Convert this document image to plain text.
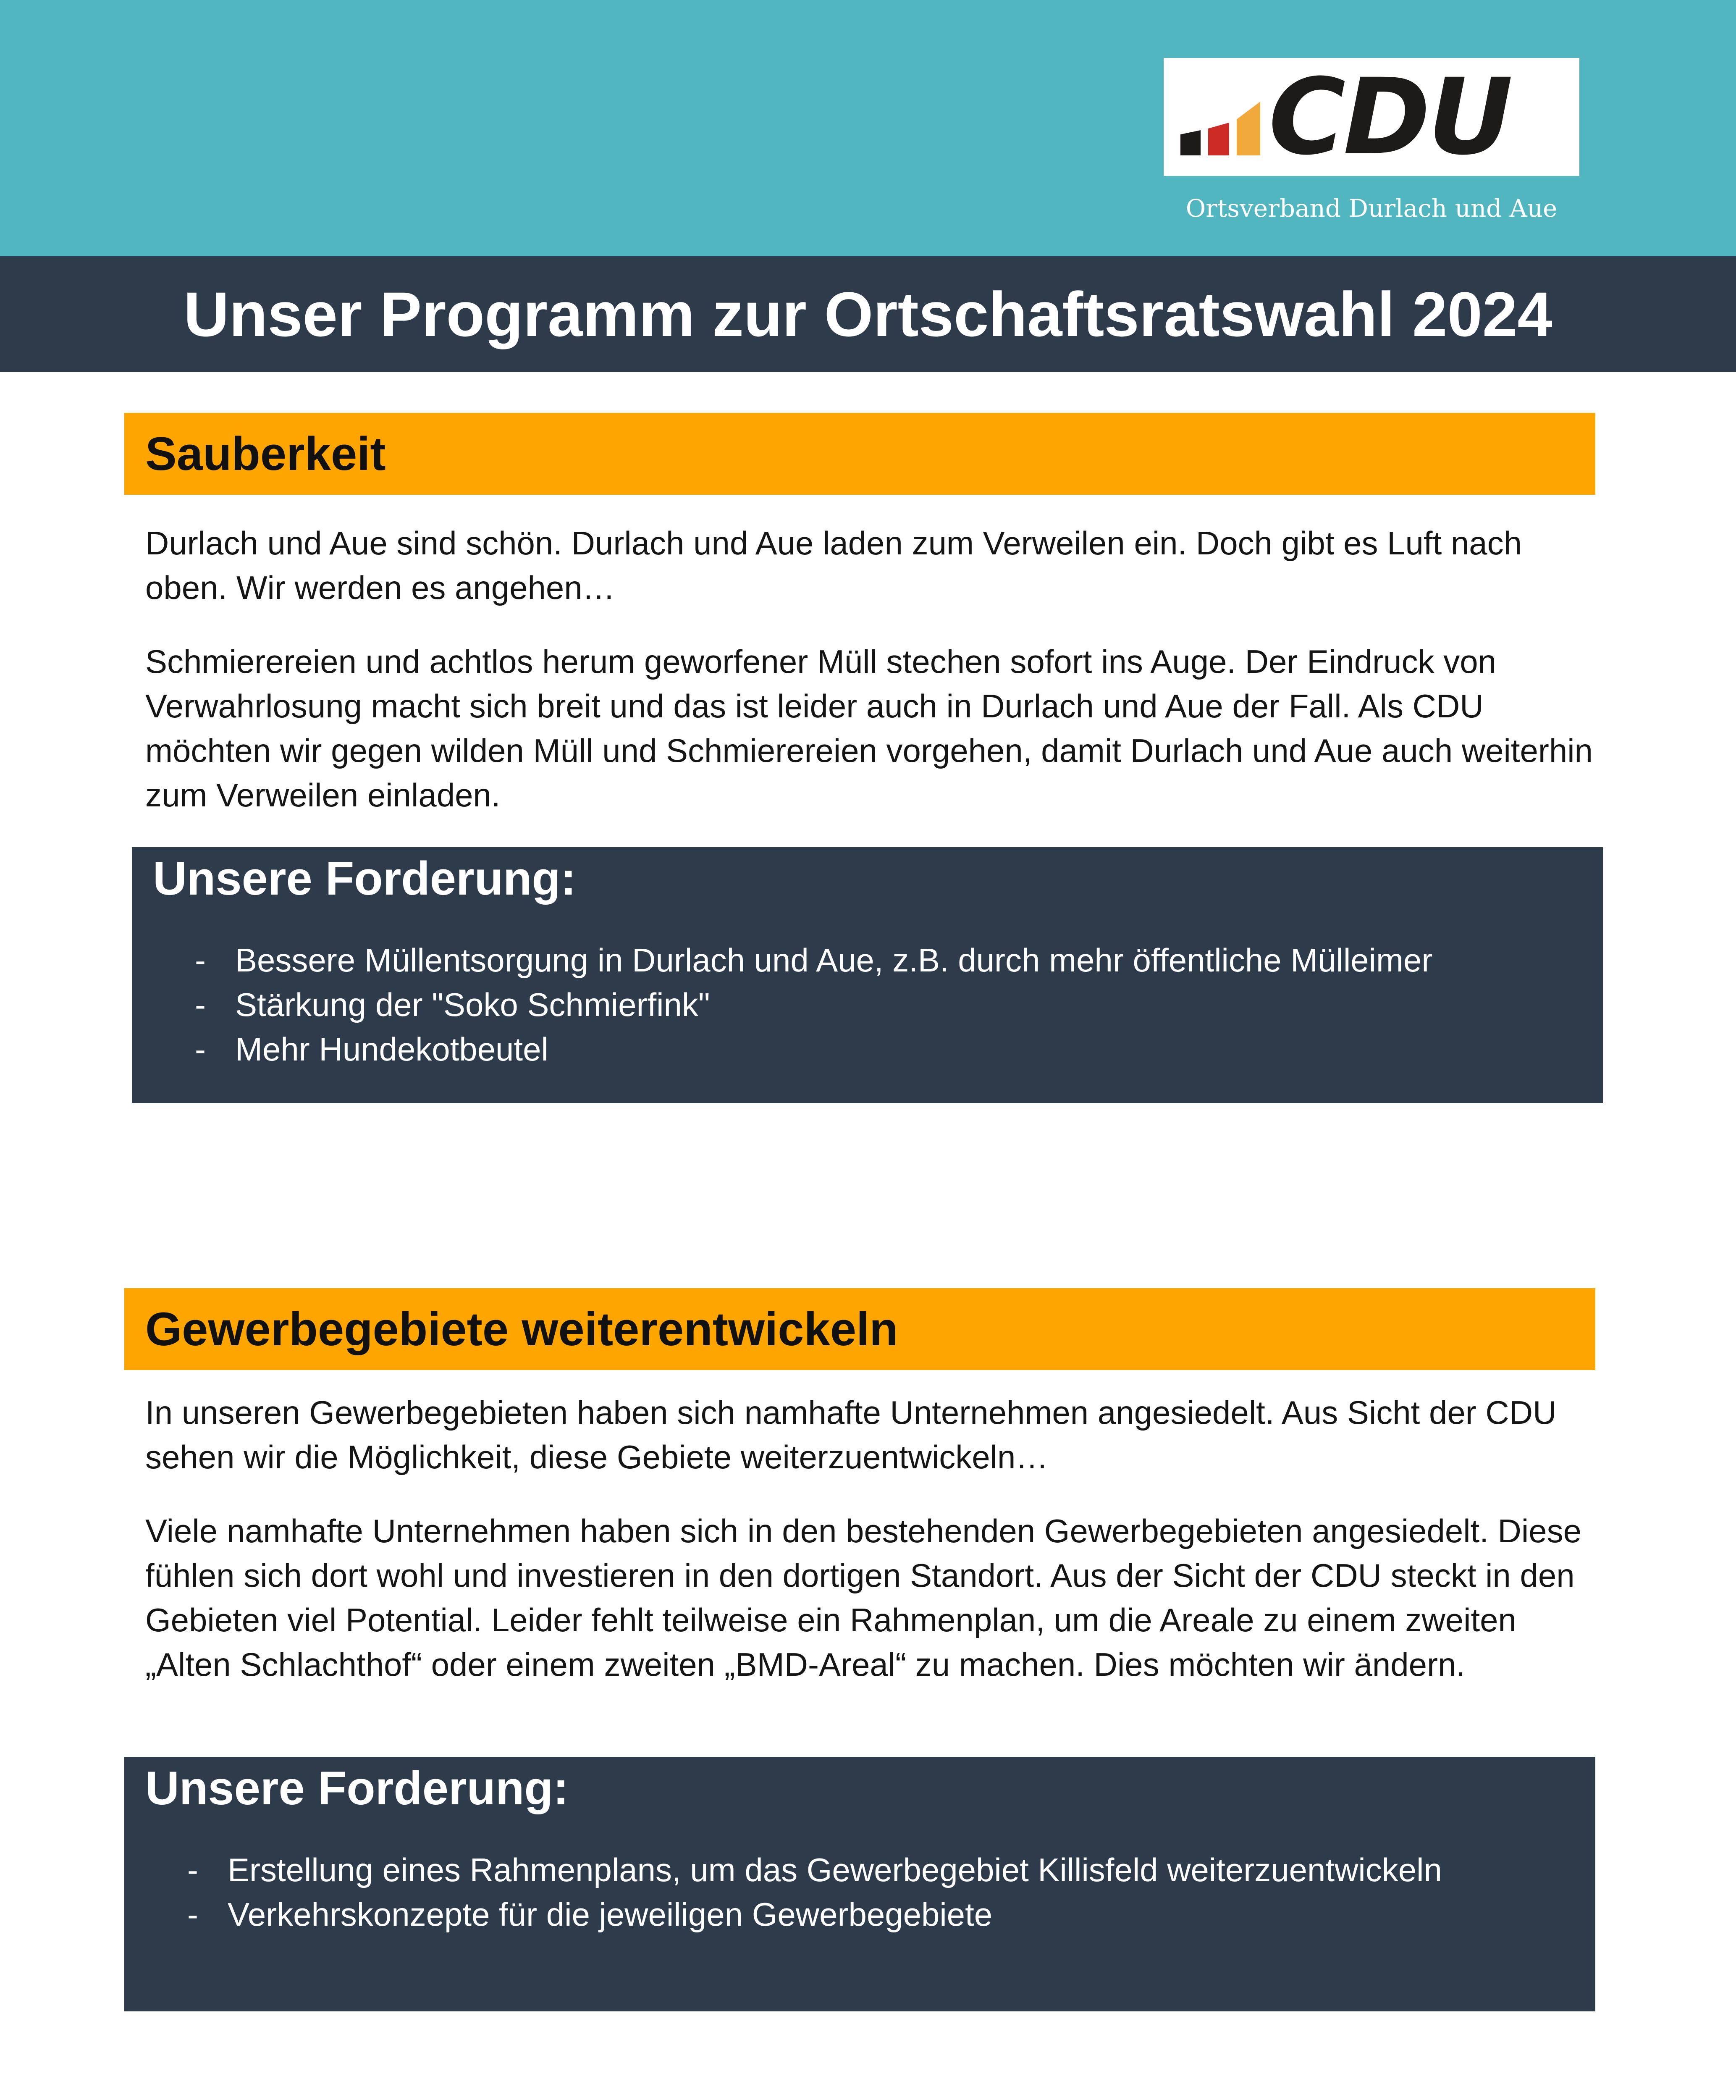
CDU
Ortsverband Durlach und Aue
Unser Programm zur Ortschaftsratswahl 2024
Sauberkeit

Durlach und Aue sind schön. Durlach und Aue laden zum Verweilen ein. Doch gibt es Luft nach oben. Wir werden es angehen…

Schmierereien und achtlos herum geworfener Müll stechen sofort ins Auge. Der Eindruck von Verwahrlosung macht sich breit und das ist leider auch in Durlach und Aue der Fall. Als CDU möchten wir gegen wilden Müll und Schmierereien vorgehen, damit Durlach und Aue auch weiterhin zum Verweilen einladen.

Unsere Forderung:
- Bessere Müllentsorgung in Durlach und Aue, z.B. durch mehr öffentliche Mülleimer
- Stärkung der "Soko Schmierfink"
- Mehr Hundekotbeutel
Gewerbegebiete weiterentwickeln

In unseren Gewerbegebieten haben sich namhafte Unternehmen angesiedelt. Aus Sicht der CDU sehen wir die Möglichkeit, diese Gebiete weiterzuentwickeln…

Viele namhafte Unternehmen haben sich in den bestehenden Gewerbegebieten angesiedelt. Diese fühlen sich dort wohl und investieren in den dortigen Standort. Aus der Sicht der CDU steckt in den Gebieten viel Potential. Leider fehlt teilweise ein Rahmenplan, um die Areale zu einem zweiten „Alten Schlachthof“ oder einem zweiten „BMD-Areal“ zu machen. Dies möchten wir ändern.

Unsere Forderung:
- Erstellung eines Rahmenplans, um das Gewerbegebiet Killisfeld weiterzuentwickeln
- Verkehrskonzepte für die jeweiligen Gewerbegebiete
